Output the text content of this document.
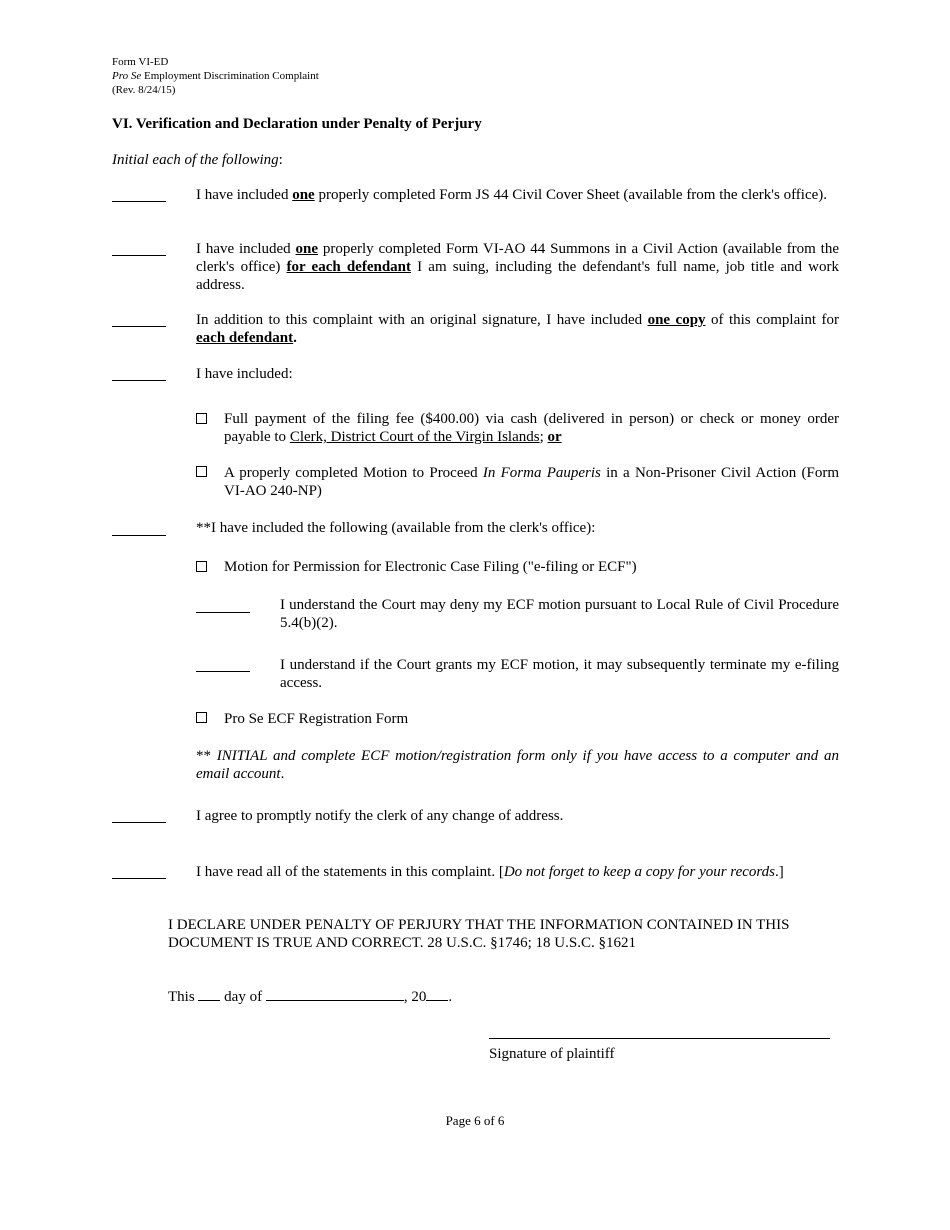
Form VI-ED
Pro Se Employment Discrimination Complaint
(Rev. 8/24/15)
VI. Verification and Declaration under Penalty of Perjury
Initial each of the following:
I have included one properly completed Form JS 44 Civil Cover Sheet (available from the clerk's office).
I have included one properly completed Form VI-AO 44 Summons in a Civil Action (available from the clerk's office) for each defendant I am suing, including the defendant's full name, job title and work address.
In addition to this complaint with an original signature, I have included one copy of this complaint for each defendant.
I have included:
Full payment of the filing fee ($400.00) via cash (delivered in person) or check or money order payable to Clerk, District Court of the Virgin Islands; or
A properly completed Motion to Proceed In Forma Pauperis in a Non-Prisoner Civil Action (Form VI-AO 240-NP)
**I have included the following (available from the clerk's office):
Motion for Permission for Electronic Case Filing ("e-filing or ECF")
I understand the Court may deny my ECF motion pursuant to Local Rule of Civil Procedure 5.4(b)(2).
I understand if the Court grants my ECF motion, it may subsequently terminate my e-filing access.
Pro Se ECF Registration Form
** INITIAL and complete ECF motion/registration form only if you have access to a computer and an email account.
I agree to promptly notify the clerk of any change of address.
I have read all of the statements in this complaint. [Do not forget to keep a copy for your records.]
I DECLARE UNDER PENALTY OF PERJURY THAT THE INFORMATION CONTAINED IN THIS DOCUMENT IS TRUE AND CORRECT. 28 U.S.C. §1746; 18 U.S.C. §1621
This  day of	, 20 .
Signature of plaintiff
Page 6 of 6
